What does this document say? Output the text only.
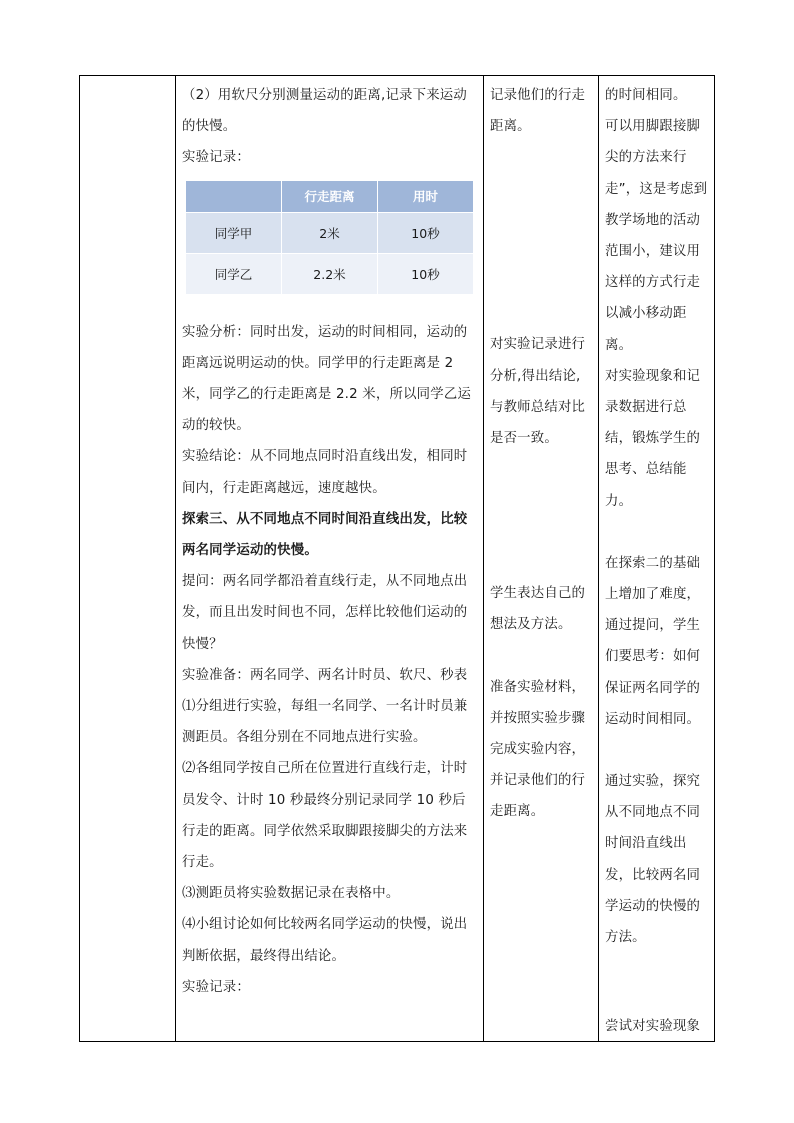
（2）用软尺分别测量运动的距离,记录下来运动的快慢。

实验记录：

	行走距离	用时
同学甲	2米	10秒
同学乙	2.2米	10秒

实验分析：同时出发，运动的时间相同，运动的距离远说明运动的快。同学甲的行走距离是 2 米，同学乙的行走距离是 2.2 米，所以同学乙运动的较快。

实验结论：从不同地点同时沿直线出发，相同时间内，行走距离越远，速度越快。

探索三、从不同地点不同时间沿直线出发，比较两名同学运动的快慢。

提问：两名同学都沿着直线行走，从不同地点出发，而且出发时间也不同，怎样比较他们运动的快慢？

实验准备：两名同学、两名计时员、软尺、秒表

⑴分组进行实验，每组一名同学、一名计时员兼测距员。各组分别在不同地点进行实验。

⑵各组同学按自己所在位置进行直线行走，计时员发令、计时 10 秒最终分别记录同学 10 秒后行走的距离。同学依然采取脚跟接脚尖的方法来行走。

⑶测距员将实验数据记录在表格中。

⑷小组讨论如何比较两名同学运动的快慢，说出判断依据，最终得出结论。

实验记录：

记录他们的行走距离。

对实验记录进行分析,得出结论,与教师总结对比是否一致。

学生表达自己的想法及方法。

准备实验材料，并按照实验步骤完成实验内容，并记录他们的行走距离。

的时间相同。

可以用脚跟接脚尖的方法来行走”，这是考虑到教学场地的活动范围小，建议用这样的方式行走以减小移动距离。

对实验现象和记录数据进行总结，锻炼学生的思考、总结能力。

在探索二的基础上增加了难度，通过提问，学生们要思考：如何保证两名同学的运动时间相同。

通过实验，探究从不同地点不同时间沿直线出发，比较两名同学运动的快慢的方法。

尝试对实验现象
